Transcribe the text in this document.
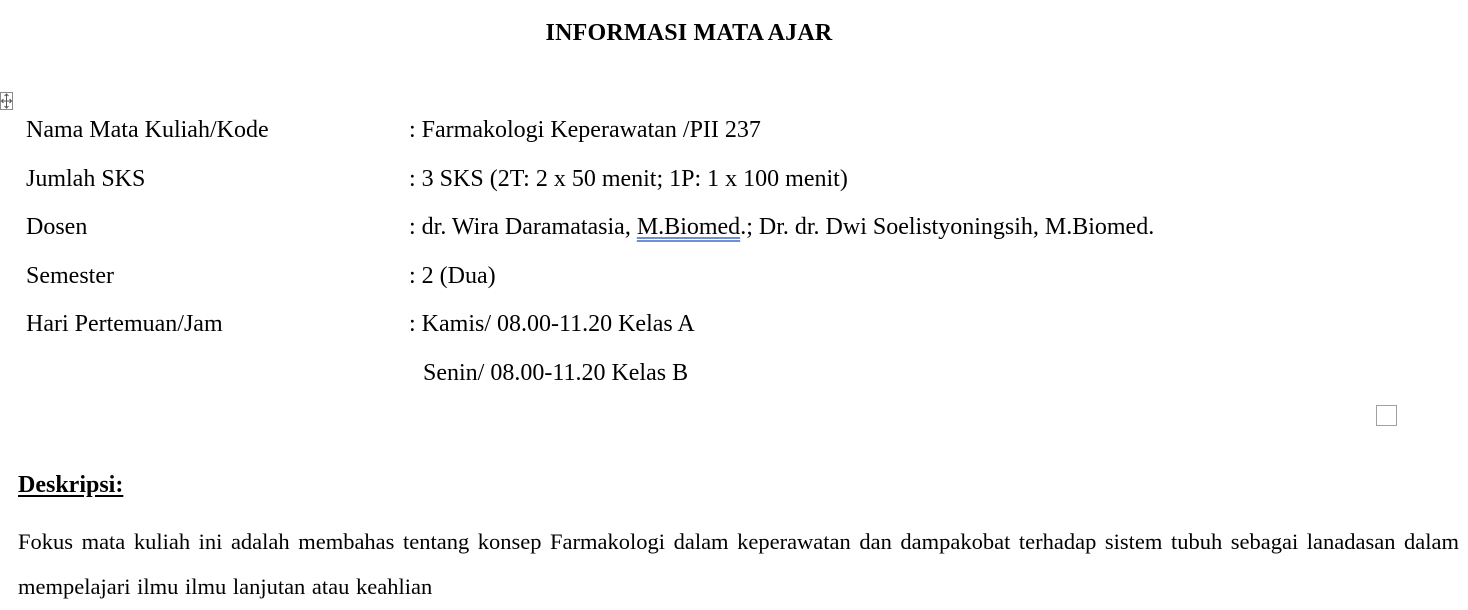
INFORMASI MATA AJAR
Nama Mata Kuliah/Kode	: Farmakologi Keperawatan /PII 237
Jumlah SKS	: 3 SKS (2T: 2 x 50 menit; 1P: 1 x 100 menit)
Dosen	: dr. Wira Daramatasia, M.Biomed.; Dr. dr. Dwi Soelistyoningsih, M.Biomed.
Semester	: 2 (Dua)
Hari Pertemuan/Jam	: Kamis/ 08.00-11.20 Kelas A
Senin/ 08.00-11.20 Kelas B
Deskripsi:
Fokus mata kuliah ini adalah membahas tentang konsep Farmakologi dalam keperawatan dan dampakobat terhadap sistem tubuh sebagai lanadasan dalam mempelajari ilmu ilmu lanjutan atau keahlian
